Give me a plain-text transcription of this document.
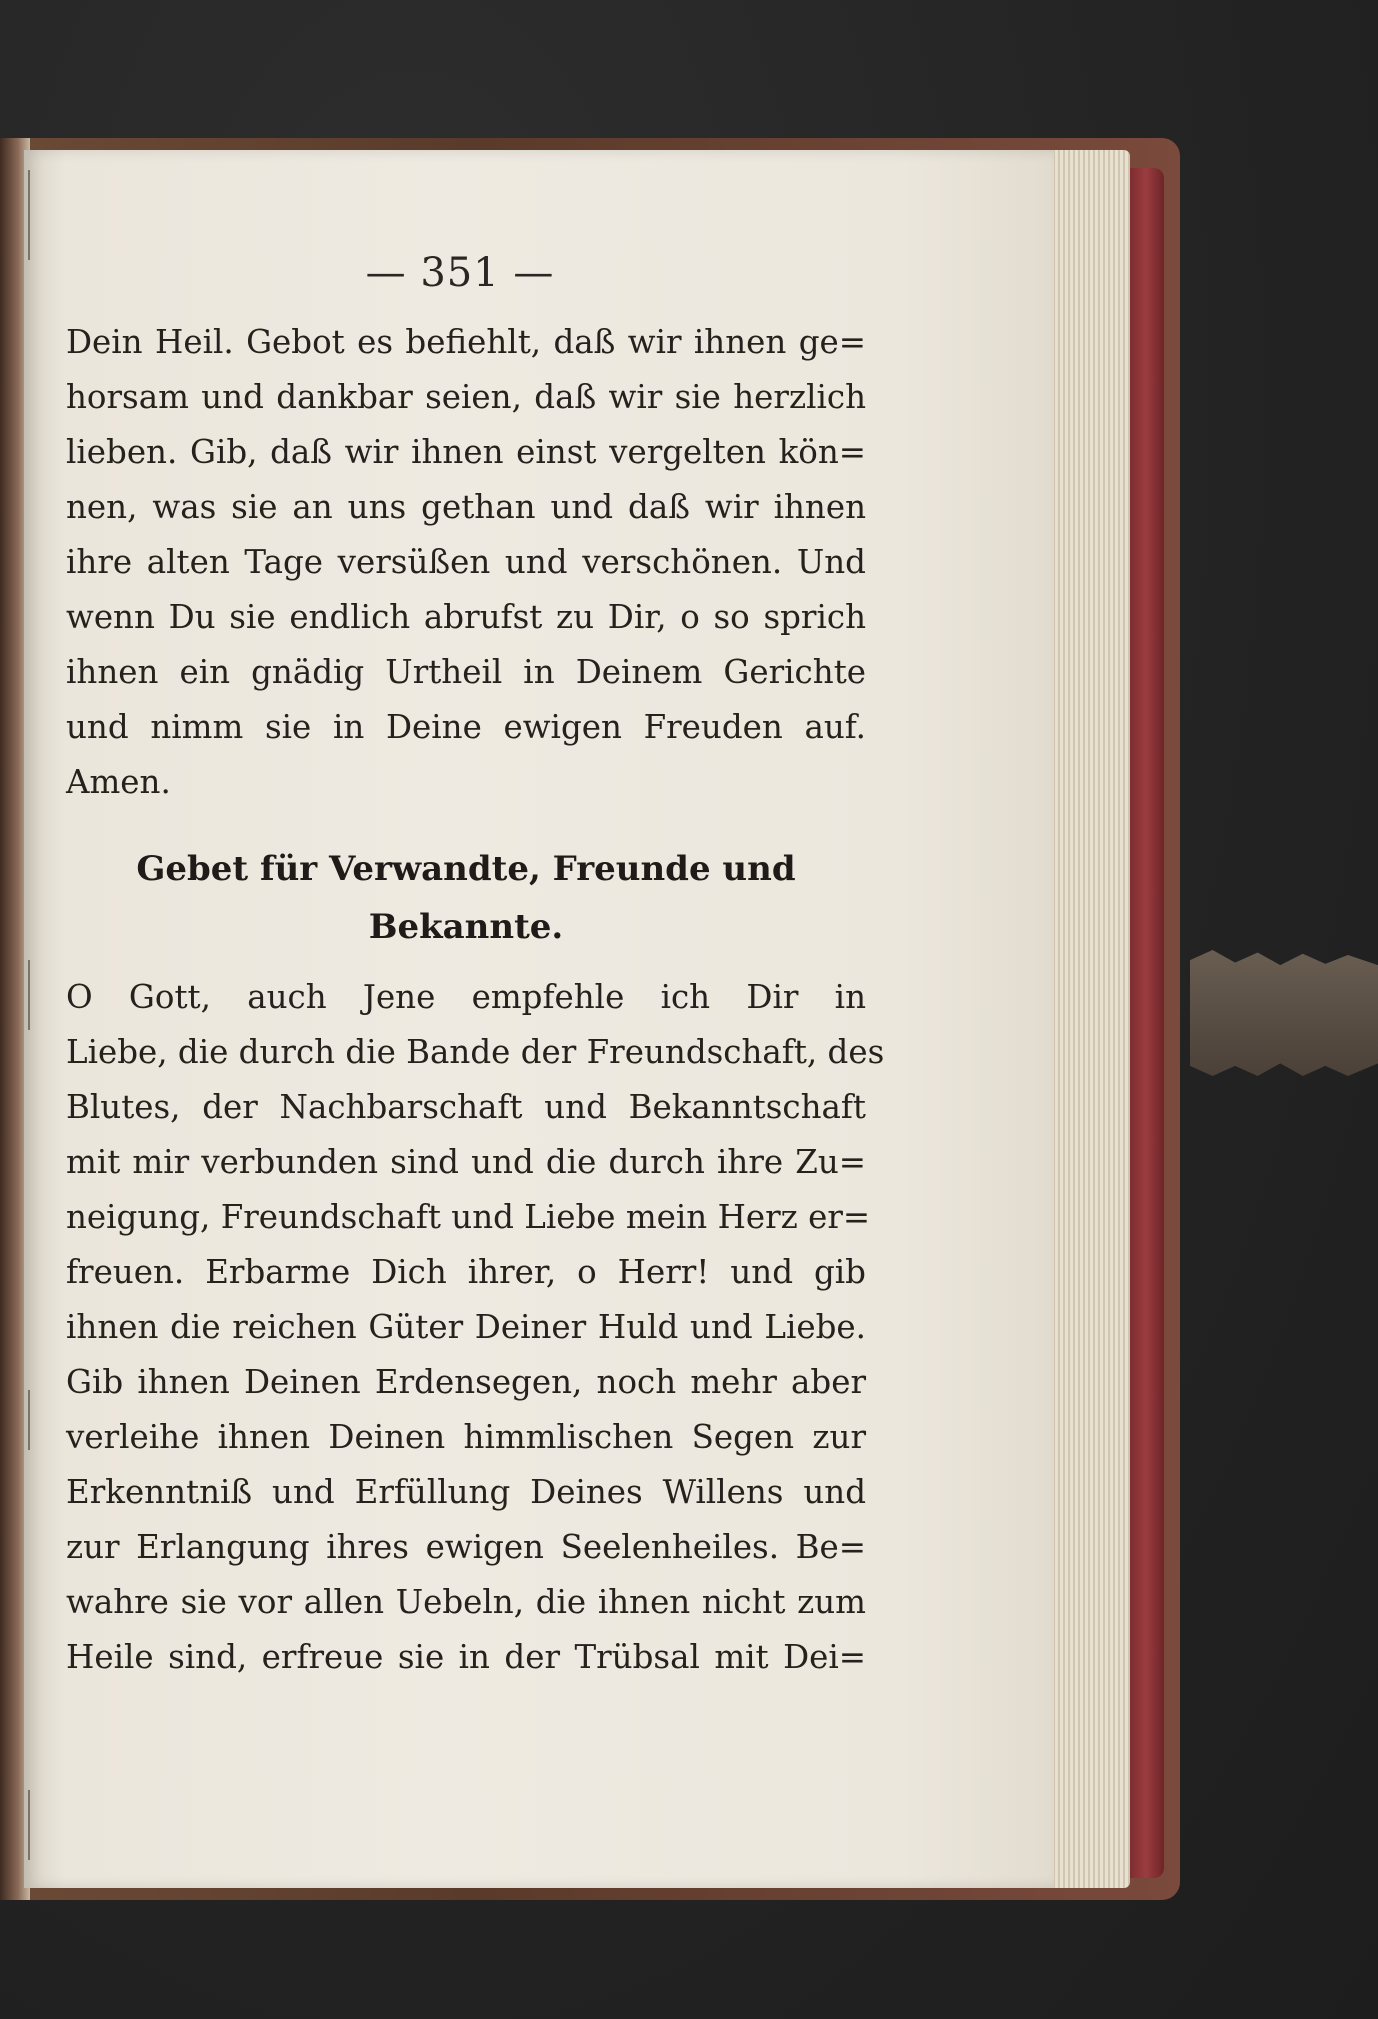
— 351 —
Dein Heil. Gebot es befiehlt, daß wir ihnen ge=
horsam und dankbar seien, daß wir sie herzlich
lieben. Gib, daß wir ihnen einst vergelten kön=
nen, was sie an uns gethan und daß wir ihnen
ihre alten Tage versüßen und verschönen. Und
wenn Du sie endlich abrufst zu Dir, o so sprich
ihnen ein gnädig Urtheil in Deinem Gerichte
und nimm sie in Deine ewigen Freuden auf.
Amen.
Gebet für Verwandte, Freunde und
Bekannte.
O Gott, auch Jene empfehle ich Dir in
Liebe, die durch die Bande der Freundschaft, des
Blutes, der Nachbarschaft und Bekanntschaft
mit mir verbunden sind und die durch ihre Zu=
neigung, Freundschaft und Liebe mein Herz er=
freuen. Erbarme Dich ihrer, o Herr! und gib
ihnen die reichen Güter Deiner Huld und Liebe.
Gib ihnen Deinen Erdensegen, noch mehr aber
verleihe ihnen Deinen himmlischen Segen zur
Erkenntniß und Erfüllung Deines Willens und
zur Erlangung ihres ewigen Seelenheiles. Be=
wahre sie vor allen Uebeln, die ihnen nicht zum
Heile sind, erfreue sie in der Trübsal mit Dei=
